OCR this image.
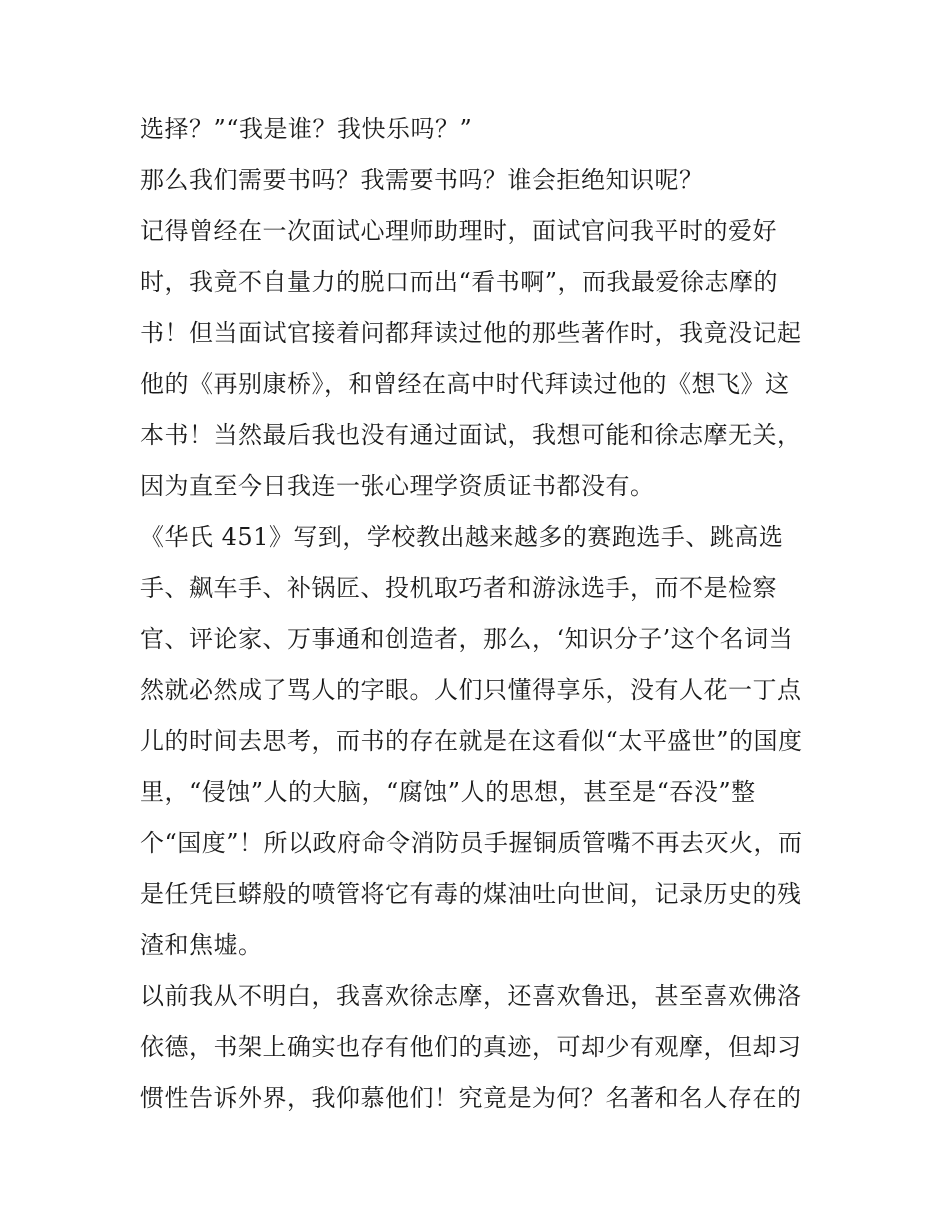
选择？”“我是谁？我快乐吗？”
那么我们需要书吗？我需要书吗？谁会拒绝知识呢？
记得曾经在一次面试心理师助理时，面试官问我平时的爱好
时，我竟不自量力的脱口而出“看书啊”，而我最爱徐志摩的
书！但当面试官接着问都拜读过他的那些著作时，我竟没记起
他的《再别康桥》，和曾经在高中时代拜读过他的《想飞》这
本书！当然最后我也没有通过面试，我想可能和徐志摩无关，
因为直至今日我连一张心理学资质证书都没有。
《华氏 451》写到，学校教出越来越多的赛跑选手、跳高选
手、飙车手、补锅匠、投机取巧者和游泳选手，而不是检察
官、评论家、万事通和创造者，那么，‘知识分子’这个名词当
然就必然成了骂人的字眼。人们只懂得享乐，没有人花一丁点
儿的时间去思考，而书的存在就是在这看似“太平盛世”的国度
里，“侵蚀”人的大脑，“腐蚀”人的思想，甚至是“吞没”整
个“国度”！所以政府命令消防员手握铜质管嘴不再去灭火，而
是任凭巨蟒般的喷管将它有毒的煤油吐向世间，记录历史的残
渣和焦墟。
以前我从不明白，我喜欢徐志摩，还喜欢鲁迅，甚至喜欢佛洛
依德，书架上确实也存有他们的真迹，可却少有观摩，但却习
惯性告诉外界，我仰慕他们！究竟是为何？名著和名人存在的
